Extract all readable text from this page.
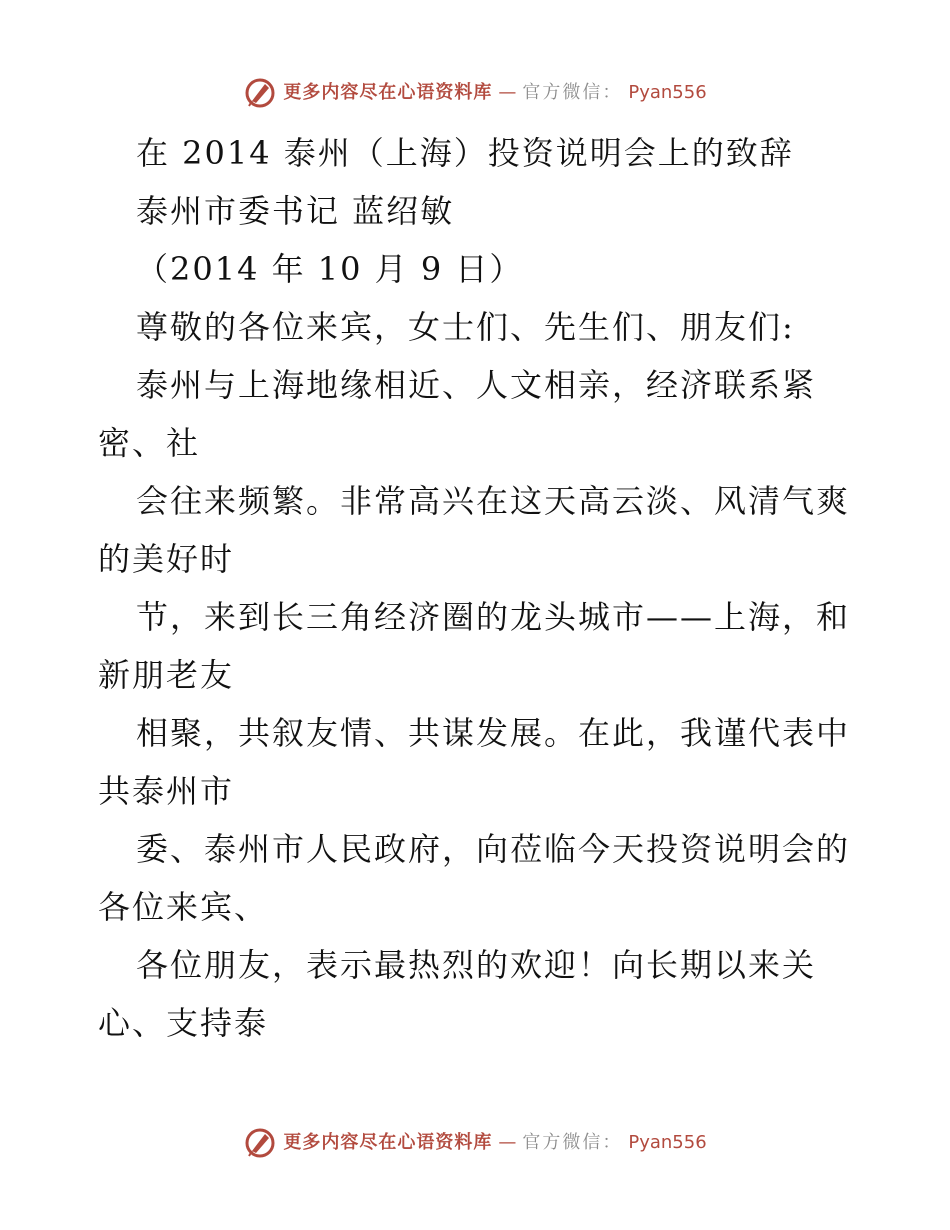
更多内容尽在心语资料库 — 官方微信： Pyan556
在 2014 泰州（上海）投资说明会上的致辞
泰州市委书记 蓝绍敏
（2014 年 10 月 9 日）
尊敬的各位来宾，女士们、先生们、朋友们:
泰州与上海地缘相近、人文相亲，经济联系紧
密、社
会往来频繁。非常高兴在这天高云淡、风清气爽
的美好时
节，来到长三角经济圈的龙头城市——上海，和
新朋老友
相聚，共叙友情、共谋发展。在此，我谨代表中
共泰州市
委、泰州市人民政府，向莅临今天投资说明会的
各位来宾、
各位朋友，表示最热烈的欢迎！向长期以来关
心、支持泰
更多内容尽在心语资料库 — 官方微信： Pyan556
